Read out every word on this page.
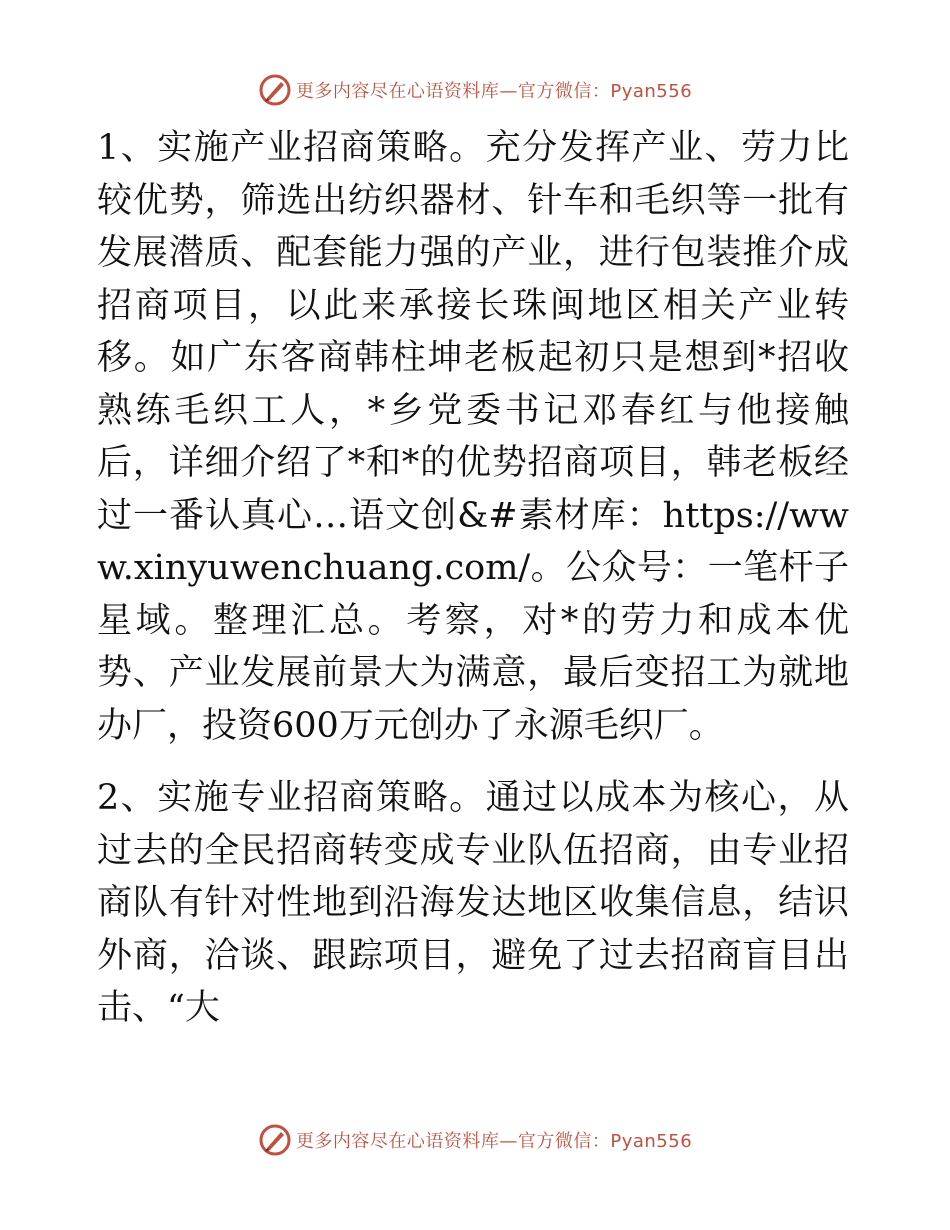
更多内容尽在心语资料库—官方微信：Pyan556

1、实施产业招商策略。充分发挥产业、劳力比较优势，筛选出纺织器材、针车和毛织等一批有发展潜质、配套能力强的产业，进行包装推介成招商项目，以此来承接长珠闽地区相关产业转移。如广东客商韩柱坤老板起初只是想到*招收熟练毛织工人，*乡党委书记邓春红与他接触后，详细介绍了*和*的优势招商项目，韩老板经过一番认真心…语文创&#素材库：https://www.xinyuwenchuang.com/。公众号：一笔杆子星域。整理汇总。考察，对*的劳力和成本优势、产业发展前景大为满意，最后变招工为就地办厂，投资600万元创办了永源毛织厂。

2、实施专业招商策略。通过以成本为核心，从过去的全民招商转变成专业队伍招商，由专业招商队有针对性地到沿海发达地区收集信息，结识外商，洽谈、跟踪项目，避免了过去招商盲目出击、“大

更多内容尽在心语资料库—官方微信：Pyan556
